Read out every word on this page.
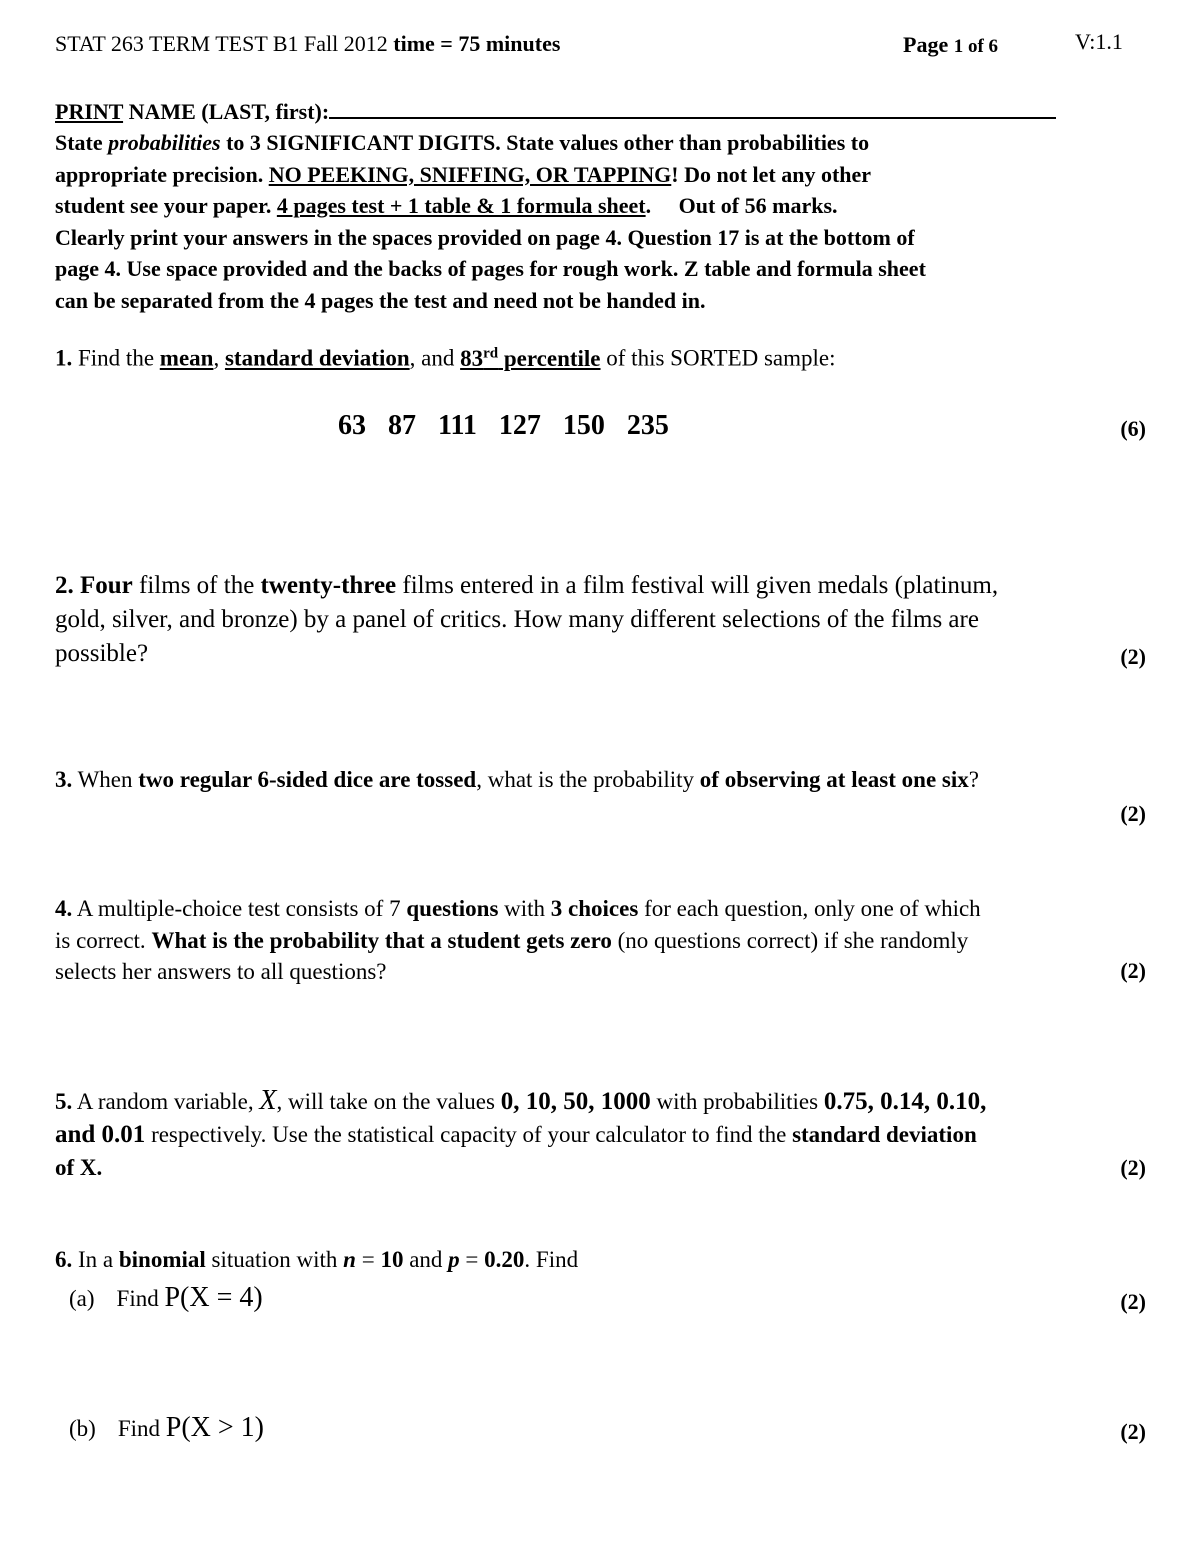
STAT 263 TERM TEST B1 Fall 2012 time = 75 minutes	Page 1 of 6	V:1.1
PRINT NAME (LAST, first):
State probabilities to 3 SIGNIFICANT DIGITS. State values other than probabilities to
appropriate precision. NO PEEKING, SNIFFING, OR TAPPING! Do not let any other
student see your paper. 4 pages test + 1 table & 1 formula sheet.     Out of 56 marks.
Clearly print your answers in the spaces provided on page 4. Question 17 is at the bottom of
page 4. Use space provided and the backs of pages for rough work. Z table and formula sheet
can be separated from the 4 pages the test and need not be handed in.
1. Find the mean, standard deviation, and 83rd percentile of this SORTED sample:
63 87 111 127 150 235	(6)
2. Four films of the twenty-three films entered in a film festival will given medals (platinum,
gold, silver, and bronze) by a panel of critics. How many different selections of the films are
possible?	(2)
3. When two regular 6-sided dice are tossed, what is the probability of observing at least one six?
(2)
4. A multiple-choice test consists of 7 questions with 3 choices for each question, only one of which
is correct. What is the probability that a student gets zero (no questions correct) if she randomly
selects her answers to all questions?	(2)
5. A random variable, X, will take on the values 0, 10, 50, 1000 with probabilities 0.75, 0.14, 0.10,
and 0.01 respectively. Use the statistical capacity of your calculator to find the standard deviation
of X.	(2)
6. In a binomial situation with n = 10 and p = 0.20. Find
(a) Find P(X = 4)	(2)
(b) Find P(X > 1)	(2)
